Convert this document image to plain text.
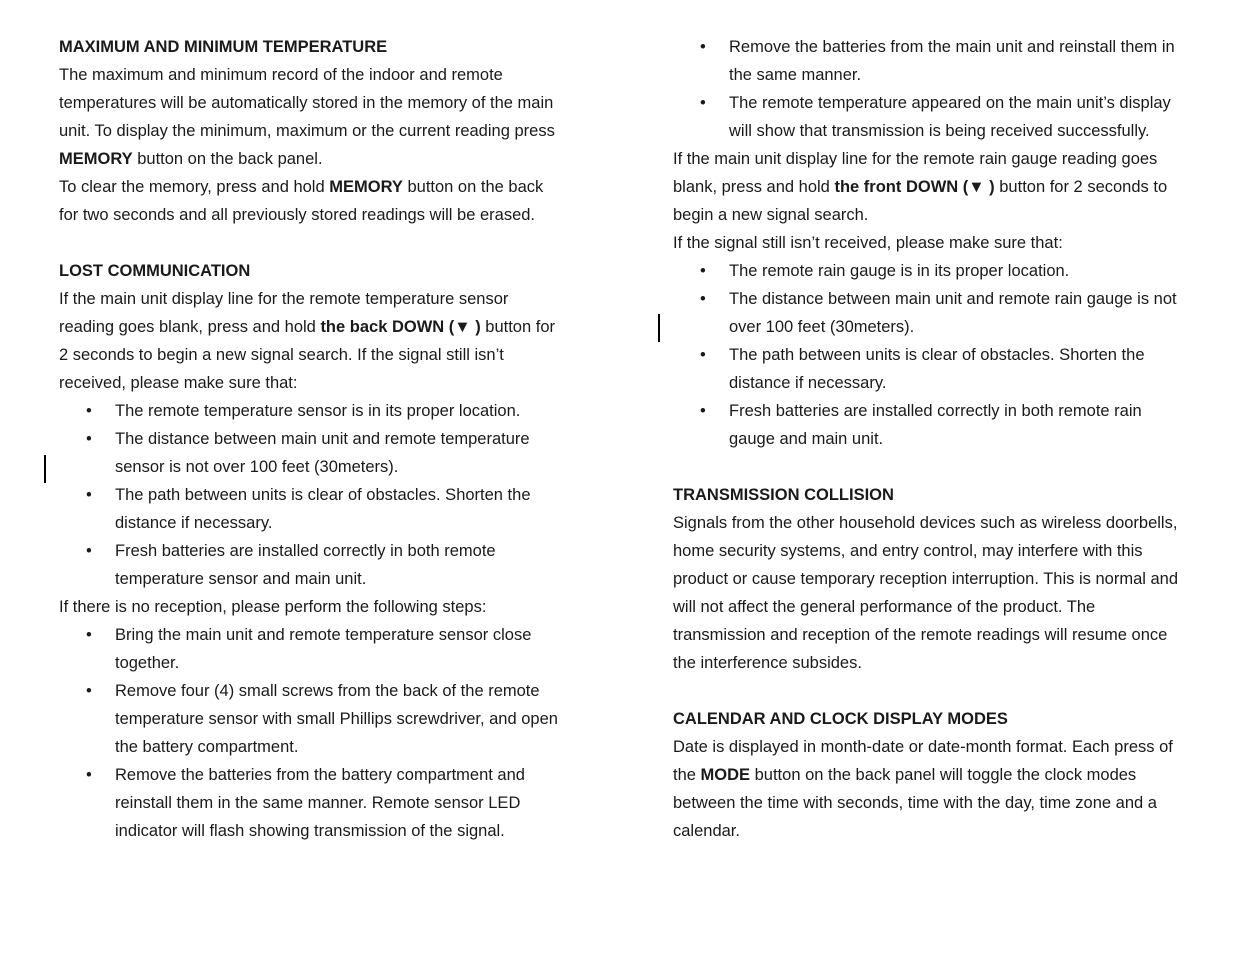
MAXIMUM AND MINIMUM TEMPERATURE

The maximum and minimum record of the indoor and remote temperatures will be automatically stored in the memory of the main unit. To display the minimum, maximum or the current reading press
MEMORY button on the back panel.

To clear the memory, press and hold MEMORY button on the back for two seconds and all previously stored readings will be erased.

LOST COMMUNICATION

If the main unit display line for the remote temperature sensor reading goes blank, press and hold the back DOWN (▼ ) button for 2 seconds to begin a new signal search. If the signal still isn’t received, please make sure that:

• The remote temperature sensor is in its proper location.
• The distance between main unit and remote temperature sensor is not over 100 feet (30meters).
• The path between units is clear of obstacles. Shorten the distance if necessary.
• Fresh batteries are installed correctly in both remote temperature sensor and main unit.

If there is no reception, please perform the following steps:

• Bring the main unit and remote temperature sensor close together.
• Remove four (4) small screws from the back of the remote temperature sensor with small Phillips screwdriver, and open the battery compartment.
• Remove the batteries from the battery compartment and reinstall them in the same manner. Remote sensor LED indicator will flash showing transmission of the signal.
• Remove the batteries from the main unit and reinstall them in the same manner.
• The remote temperature appeared on the main unit’s display will show that transmission is being received successfully.

If the main unit display line for the remote rain gauge reading goes blank, press and hold the front DOWN (▼ ) button for 2 seconds to begin a new signal search.

If the signal still isn’t received, please make sure that:

• The remote rain gauge is in its proper location.
• The distance between main unit and remote rain gauge is not over 100 feet (30meters).
• The path between units is clear of obstacles. Shorten the distance if necessary.
• Fresh batteries are installed correctly in both remote rain gauge and main unit.
TRANSMISSION COLLISION

Signals from the other household devices such as wireless doorbells, home security systems, and entry control, may interfere with this product or cause temporary reception interruption. This is normal and will not affect the general performance of the product. The transmission and reception of the remote readings will resume once the interference subsides.

CALENDAR AND CLOCK DISPLAY MODES

Date is displayed in month-date or date-month format. Each press of the MODE button on the back panel will toggle the clock modes between the time with seconds, time with the day, time zone and a calendar.
